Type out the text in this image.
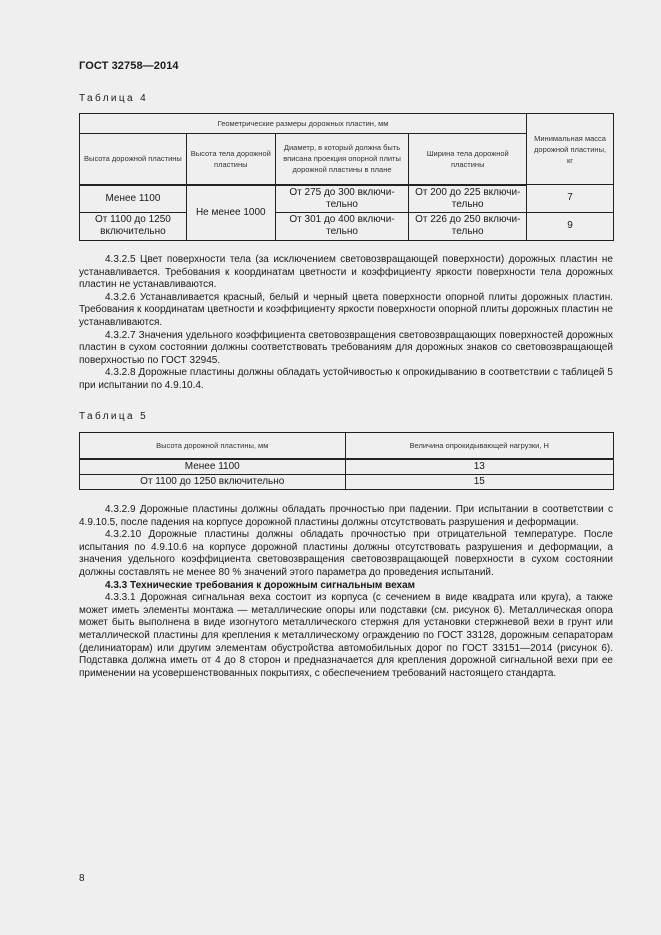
ГОСТ 32758—2014
Таблица 4
Геометрические размеры дорожных пластин, мм				Минимальная масса дорожной пластины, кг
Высота дорожной пластины	Высота тела дорожной пластины	Диаметр, в который должна быть вписана проекция опорной плиты дорожной пластины в плане	Ширина тела дорожной пластины	
Менее 1100	Не менее 1000	От 275 до 300 включи-тельно	От 200 до 225 включи-тельно	7
От 1100 до 1250 включительно		От 301 до 400 включи-тельно	От 226 до 250 включи-тельно	9

4.3.2.5 Цвет поверхности тела (за исключением световозвращающей поверхности) дорожных пластин не устанавливается. Требования к координатам цветности и коэффициенту яркости поверхности тела дорожных пластин не устанавливаются.

4.3.2.6 Устанавливается красный, белый и черный цвета поверхности опорной плиты дорожных пластин. Требования к координатам цветности и коэффициенту яркости поверхности опорной плиты дорожных пластин не устанавливаются.

4.3.2.7 Значения удельного коэффициента световозвращения световозвращающих поверхностей дорожных пластин в сухом состоянии должны соответствовать требованиям для дорожных знаков со световозвращающей поверхностью по ГОСТ 32945.

4.3.2.8 Дорожные пластины должны обладать устойчивостью к опрокидыванию в соответствии с таблицей 5 при испытании по 4.9.10.4.

Таблица 5
Высота дорожной пластины, мм	Величина опрокидывающей нагрузки, Н
Менее 1100	13
От 1100 до 1250 включительно	15

4.3.2.9 Дорожные пластины должны обладать прочностью при падении. При испытании в соответствии с 4.9.10.5, после падения на корпусе дорожной пластины должны отсутствовать разрушения и деформации.

4.3.2.10 Дорожные пластины должны обладать прочностью при отрицательной температуре. После испытания по 4.9.10.6 на корпусе дорожной пластины должны отсутствовать разрушения и деформации, а значения удельного коэффициента световозвращения световозвращающей поверхности в сухом состоянии должны составлять не менее 80 % значений этого параметра до проведения испытаний.

4.3.3 Технические требования к дорожным сигнальным вехам

4.3.3.1 Дорожная сигнальная веха состоит из корпуса (с сечением в виде квадрата или круга), а также может иметь элементы монтажа — металлические опоры или подставки (см. рисунок 6). Металлическая опора может быть выполнена в виде изогнутого металлического стержня для установки стержневой вехи в грунт или металлической пластины для крепления к металлическому ограждению по ГОСТ 33128, дорожным сепараторам (делиниаторам) или другим элементам обустройства автомобильных дорог по ГОСТ 33151—2014 (рисунок 6). Подставка должна иметь от 4 до 8 сторон и предназначается для крепления дорожной сигнальной вехи при ее применении на усовершенствованных покрытиях, с обеспечением требований настоящего стандарта.

8
